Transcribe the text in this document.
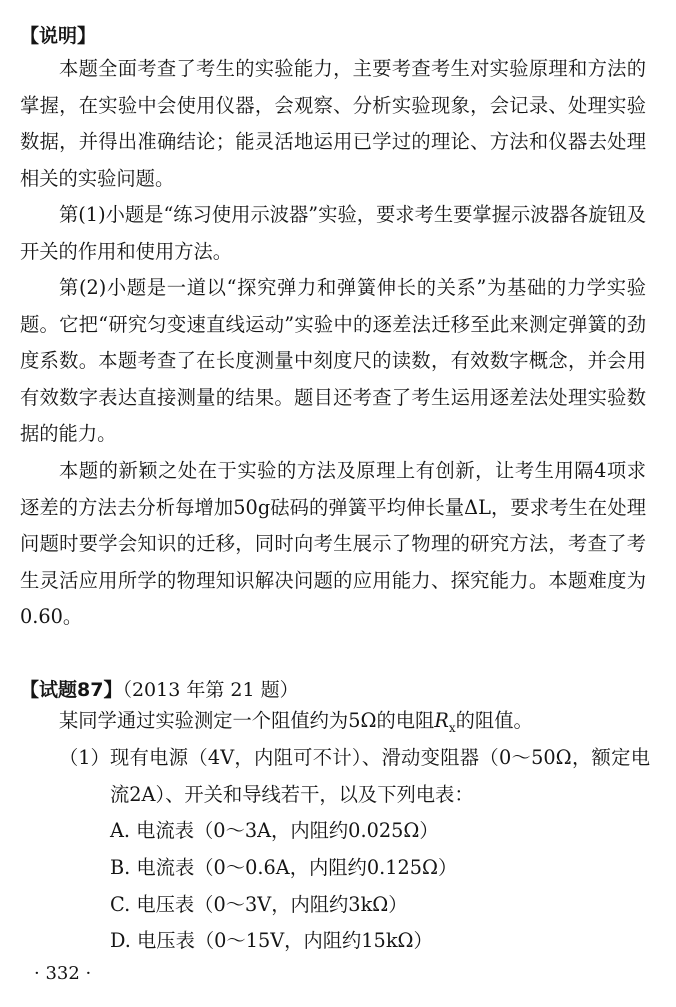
【说明】

本题全面考查了考生的实验能力，主要考查考生对实验原理和方法的掌握，在实验中会使用仪器，会观察、分析实验现象，会记录、处理实验数据，并得出准确结论；能灵活地运用已学过的理论、方法和仪器去处理相关的实验问题。

第(1)小题是“练习使用示波器”实验，要求考生要掌握示波器各旋钮及开关的作用和使用方法。

第(2)小题是一道以“探究弹力和弹簧伸长的关系”为基础的力学实验题。它把“研究匀变速直线运动”实验中的逐差法迁移至此来测定弹簧的劲度系数。本题考查了在长度测量中刻度尺的读数，有效数字概念，并会用有效数字表达直接测量的结果。题目还考查了考生运用逐差法处理实验数据的能力。

本题的新颖之处在于实验的方法及原理上有创新，让考生用隔4项求逐差的方法去分析每增加50g砝码的弹簧平均伸长量ΔL，要求考生在处理问题时要学会知识的迁移，同时向考生展示了物理的研究方法，考查了考生灵活应用所学的物理知识解决问题的应用能力、探究能力。本题难度为0.60。

【试题87】（2013 年第 21 题）

某同学通过实验测定一个阻值约为5Ω的电阻$R_x$的阻值。

（1） 现有电源（4V，内阻可不计）、滑动变阻器（0～50Ω，额定电流2A）、开关和导线若干，以及下列电表：

A. 电流表（0～3A，内阻约0.025Ω）

B. 电流表（0～0.6A，内阻约0.125Ω）

C. 电压表（0～3V，内阻约3kΩ）

D. 电压表（0～15V，内阻约15kΩ）

· 332 ·
